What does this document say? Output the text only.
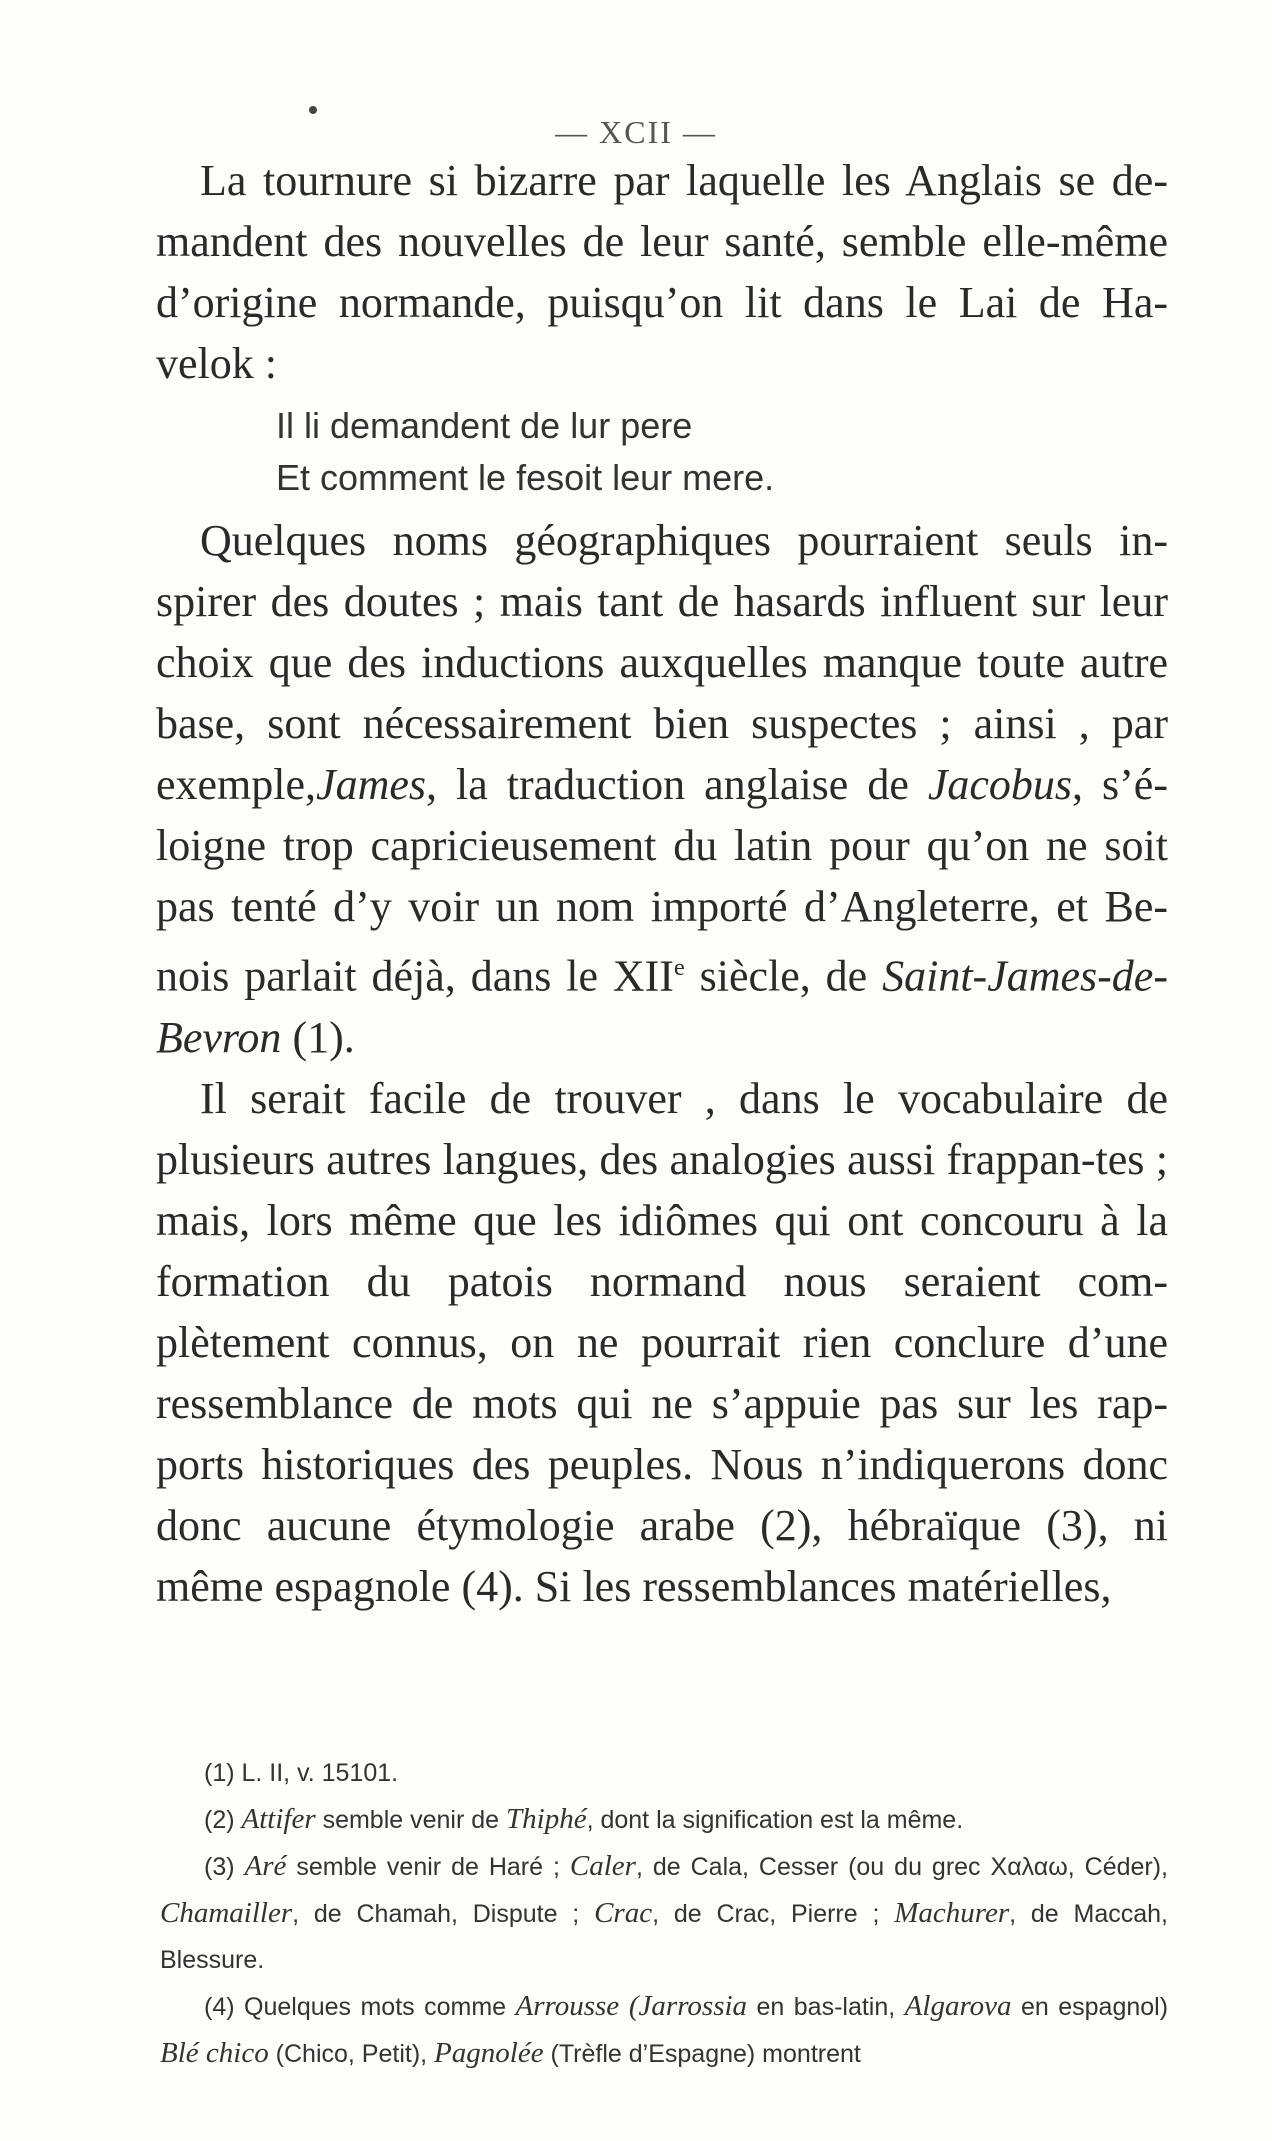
— XCII —

La tournure si bizarre par laquelle les Anglais se de-mandent des nouvelles de leur santé, semble elle-même d’origine normande, puisqu’on lit dans le Lai de Ha-velok :

Il li demandent de lur pere
Et comment le fesoit leur mere.

Quelques noms géographiques pourraient seuls in-spirer des doutes ; mais tant de hasards influent sur leur choix que des inductions auxquelles manque toute autre base, sont nécessairement bien suspectes ; ainsi , par exemple,James, la traduction anglaise de Jacobus, s’é-loigne trop capricieusement du latin pour qu’on ne soit pas tenté d’y voir un nom importé d’Angleterre, et Be-nois parlait déjà, dans le XIIe siècle, de Saint-James-de-Bevron (1).

Il serait facile de trouver , dans le vocabulaire de plusieurs autres langues, des analogies aussi frappan-tes ; mais, lors même que les idiômes qui ont concouru à la formation du patois normand nous seraient com-plètement connus, on ne pourrait rien conclure d’une ressemblance de mots qui ne s’appuie pas sur les rap-ports historiques des peuples. Nous n’indiquerons donc donc aucune étymologie arabe (2), hébraïque (3), ni même espagnole (4). Si les ressemblances matérielles,

(1) L. II, v. 15101.

(2) Attifer semble venir de Thiphé, dont la signification est la même.

(3) Aré semble venir de Haré ; Caler, de Cala, Cesser (ou du grec Χαλαω, Céder), Chamailler, de Chamah, Dispute ; Crac, de Crac, Pierre ; Machurer, de Maccah, Blessure.

(4) Quelques mots comme Arrousse (Jarrossia en bas-latin, Algarova en espagnol) Blé chico (Chico, Petit), Pagnolée (Trèfle d’Espagne) montrent
